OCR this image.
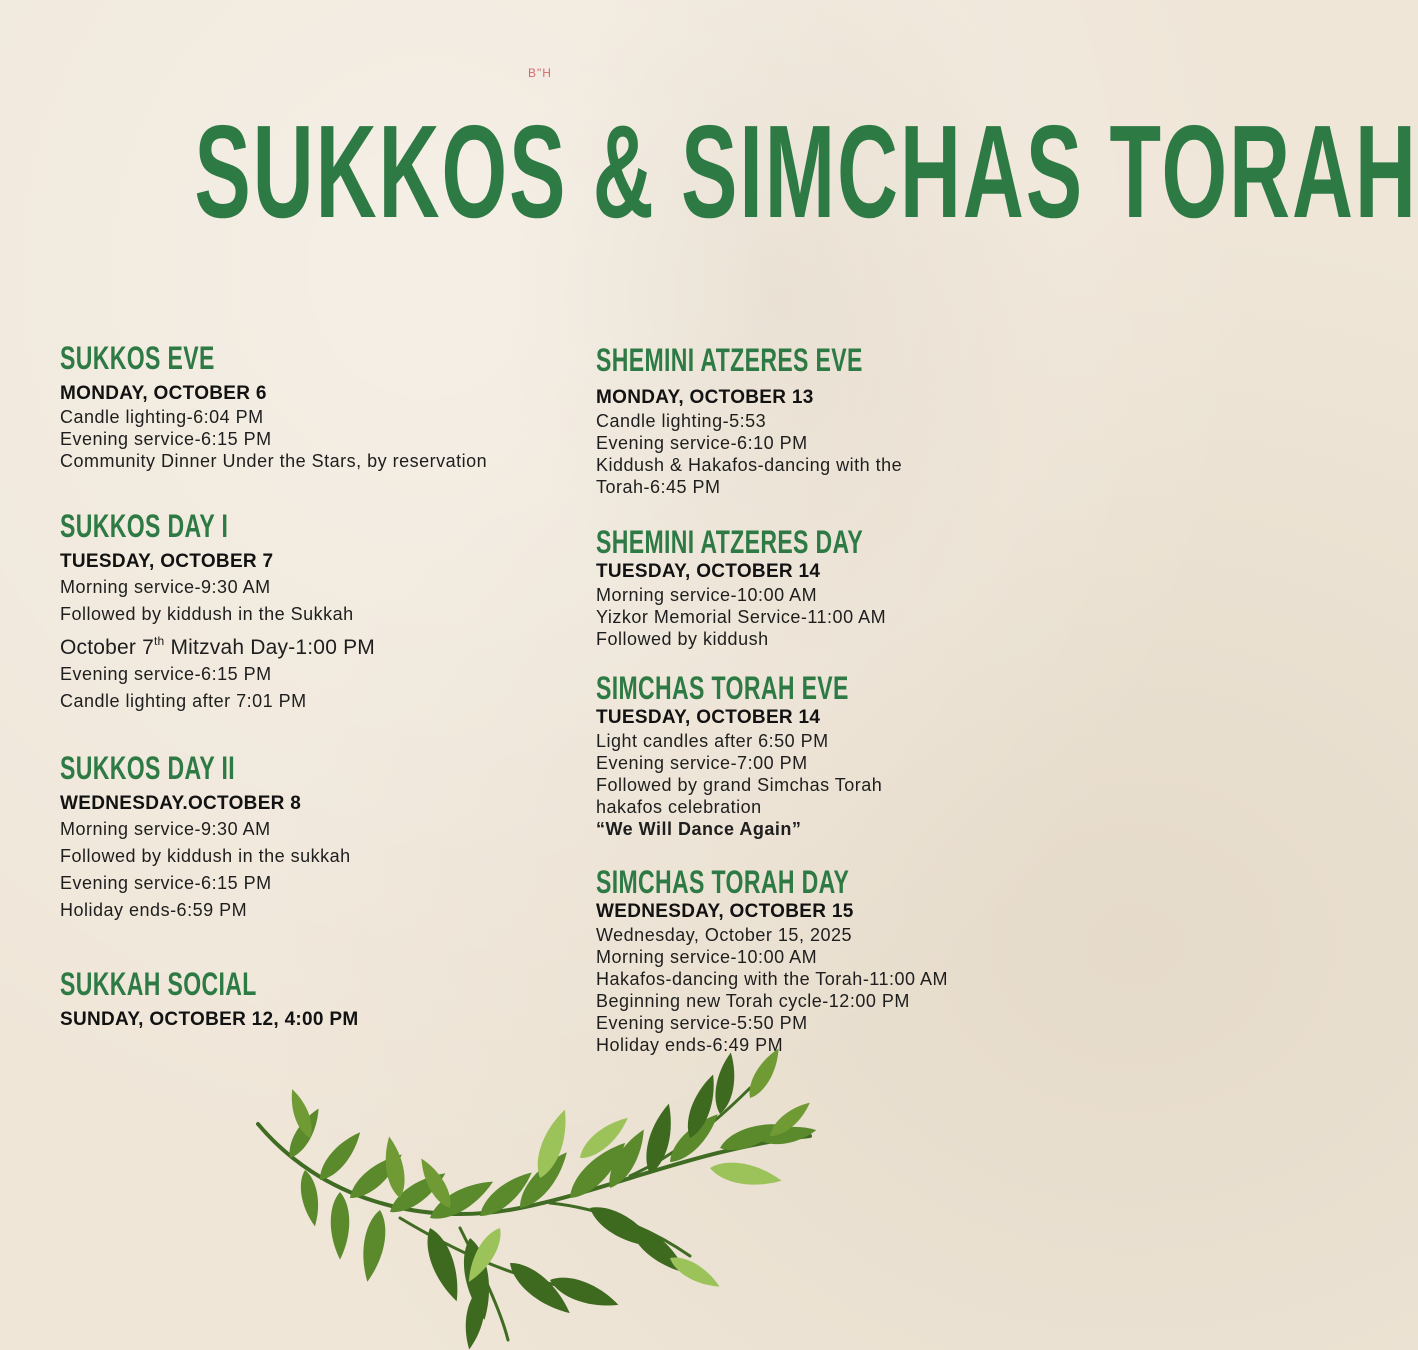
B"H
SUKKOS & SIMCHAS TORAH
SUKKOS EVE
MONDAY, OCTOBER 6
Candle lighting-6:04 PM
Evening service-6:15 PM
Community Dinner Under the Stars, by reservation
SUKKOS DAY I
TUESDAY, OCTOBER 7
Morning service-9:30 AM
Followed by kiddush in the Sukkah
October 7th Mitzvah Day-1:00 PM
Evening service-6:15 PM
Candle lighting after 7:01 PM
SUKKOS DAY II
WEDNESDAY.OCTOBER 8
Morning service-9:30 AM
Followed by kiddush in the sukkah
Evening service-6:15 PM
Holiday ends-6:59 PM
SUKKAH SOCIAL
SUNDAY, OCTOBER 12, 4:00 PM
SHEMINI ATZERES EVE
MONDAY, OCTOBER 13
Candle lighting-5:53
Evening service-6:10 PM
Kiddush & Hakafos-dancing with the
Torah-6:45 PM
SHEMINI ATZERES DAY
TUESDAY, OCTOBER 14
Morning service-10:00 AM
Yizkor Memorial Service-11:00 AM
Followed by kiddush
SIMCHAS TORAH EVE
TUESDAY, OCTOBER 14
Light candles after 6:50 PM
Evening service-7:00 PM
Followed by grand Simchas Torah
hakafos celebration
“We Will Dance Again”
SIMCHAS TORAH DAY
WEDNESDAY, OCTOBER 15
Wednesday, October 15, 2025
Morning service-10:00 AM
Hakafos-dancing with the Torah-11:00 AM
Beginning new Torah cycle-12:00 PM
Evening service-5:50 PM
Holiday ends-6:49 PM
